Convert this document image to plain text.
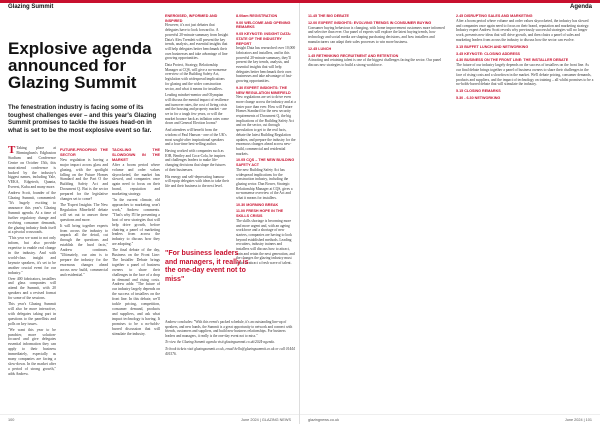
Glazing Summit
Explosive agenda announced for Glazing Summit

The fenestration industry is facing some of its toughest challenges ever – and this year's Glazing Summit promises to tackle the issues head-on in what is set to be the most explosive event so far.

T Taking place at Birmingham's Edgbaston Stadium and Conference Centre on October 15th, this must-attend conference is backed by the industry's biggest names, including Yale, VEKA, Edgetech, Quanta, Everest, Kubu and many more.

Andrew Scott, founder of the Glazing Summit, commented: "It's hugely exciting to announce this year's Glazing Summit agenda. At a time of further regulatory change and evolving consumer demands, the glazing industry finds itself at a pivotal crossroads.

"This year we want to not only inform, but also provide expertise to enable real change in the industry. And with world-class insight and keynote speakers, it's set to be another crucial event for our industry."

Over 400 fabricators, installers and glass companies will attend the Summit, with 20 speakers and a revised format for some of the sessions.

This year's Glazing Summit will also be more interactive, with delegates taking part in questions to the panellists and polls on key issues.

"We want this year to be punchier, more solution-focused and give delegates essential information they can apply to their business immediately, especially as many companies are facing a slow-down. In the market after a period of strong growth," adds Andrew.

FUTURE-PROOFING THE SECTOR

New regulation is having a major impact across glass and glazing, with the spotlight falling on the Future Homes Standard and the Part O the Building Safety Act and Document Q. But is the sector prepared for the legislative changes set to come?

The 'Expert Insights: The New Regulation Minefield' debate will set out to answer these questions and more.

It will bring together experts from across the industry to unpack all the detail, cut through the questions and establish the hard facts," Andrew continues. "Ultimately, our aim is to prepare the industry for the enormous changes ahead across new build, commercial and residential."

TACKLING THE SLOWDOWN IN THE MARKET

After a boom period where volume and order values skyrocketed, the market has slowed, and companies once again need to focus on their brand, reputation and marketing strategy.

"In the current climate, old approaches to marketing won't work," Andrew comments. "That's why I'll be presenting a host of new strategies that will help drive growth, before chairing a panel of marketing leaders from across the industry to discuss how they are adapting."

The final debate of the day, Business on the Front Line: The Installer Debate brings together a panel of business owners to share their challenges in the face of a drop in demand and rising costs. Andrew adds: "The future of our industry largely depends on the success of installers on the front line. In this debate, we'll tackle pricing, competition, consumer demand, products and suppliers, and ask what impact technology is having. It promises to be a no-holds-barred discussion that will stimulate the industry.

100	June 2024 | GLAZING NEWS
ENERGISED, INFORMED AND INSPIRED
However, it's not just debates that delegates have to look forward to. A powerful 20-minute summary from Insight Data's Alex Tremlett will present the key trends, analysis, and essential insights that will help delegates better benchmark their own businesses and take advantage of line growing opportunities.
Data Protect, Strategy, Relationship Manager at CQS, will give a no-nonsense overview of the Building Safety Act, legislation with widespread implications for glazing and the wider construction sector, and what it means for installers.
Leading mindset-mentor and Olympian will discuss the mental impact of resilience and turnover rates, the cost of living crisis and the housing and property market - are we in for a tough few years, or will the market bounce back as inflation rates come down and General Election looms?
And attendees will benefit from the wisdom of Paul Hanson - one of the UK's most sought-after inspirational speakers and a four-time best-selling author.
Having worked with companies such as IOB, Bentley and Coca-Cola, he inspires and challenges leaders to make life-changing decisions that shape the futures of their businesses.
His energy and self-deprecating humour will equip delegates with ideas to take their life and their business to the next level.
8.00am REGISTRATION
9.00 WELCOME AND OPENING REMARKS
9.05 KEYNOTE: INSIGHT DATA: STATE OF THE INDUSTRY REPORT
Insight Data has researched over 10,000 fabricators and installers, and in this powerful 20-minute summary, they'll present the key trends, analysis, and essential insights that will help delegates better benchmark their own businesses and take advantage of fast-growing opportunities.
9.30 EXPERT INSIGHTS: THE NEW REGULATION MINEFIELD
New regulations are set to drive even more change across the industry and at a faster pace than ever. How will Future Homes Standard for the new security requirements of Document Q, the big implications of the Building Safety Act and on the sector, cut through speculation to get to the real facts, debate the latest Building Regulation updates, and prepare the industry for the enormous changes ahead across new-build, commercial and residential markets.
10.05 CQS – THE NEW BUILDING SAFETY ACT
The new Building Safety Act has widespread implications for the construction industry, including the glazing sector. Dan Bower, Strategic Relationship Manager at CQS, gives a no-nonsense overview of the Act and what it means for installers.
10.30 MORNING BREAK
11.00 FRESH HOPE IN THE SKILLS CRISIS
The skills shortage is becoming more and more urgent and, with an ageing workforce and a shortage of new starters, companies are having to look beyond established methods. Leading recruiters, industry trainers and installers will discuss how to attract, train and retain the next generation, and the changes the glazing industry must make to attract a fresh wave of talent.
"For business leaders and managers, it really is the one-day event not to miss"

Andrew concludes: "With this event's packed schedule, it's an outstanding line-up of speakers, and new hands, the Summit is a great opportunity to network and connect with friends, customers and suppliers, and build new business relationships. For business leaders and managers, it really is the one-day event not to miss."

To view the Glazing Summit agenda visit glazingsummit.co.uk/2024-agenda.

To book tickets visit glazingsummit.co.uk, email hello@glazingsummit.co.uk or call 01444 401576.

Agenda
11.45 THE BIG DEBATE
12.00 EXPERT INSIGHTS: EVOLVING TRENDS IN CONSUMER BUYING
Consumer buying behaviour is changing, with home improvement customers more informed and selective than ever. Our panel of experts will explore the latest buying trends, how technology and social media are shaping purchasing decisions, and how installers and manufacturers can adapt their sales processes to win more business.
12.45 LUNCH
1.45 RETHINKING RECRUITMENT AND RETENTION
Attracting and retaining talent is one of the biggest challenges facing the sector. Our panel discuss new strategies to build a strong workforce.
2.45 DISRUPTING SALES AND MARKETING
After a boom period where volume and order values skyrocketed, the industry has slowed and companies once again need to focus on their brand, reputation and marketing strategy. Industry expert Andrew Scott reveals why previously successful strategies will no longer work, presents new ideas that will drive growth, and then chairs a panel of sales and marketing leaders from across the industry to discuss how the sector can evolve.
3.15 BUFFET LUNCH AND NETWORKING
3.45 KEYNOTE: CLOSING ADDRESS
4.30 BUSINESS ON THE FRONT LINE: THE INSTALLER DEBATE
The future of our industry largely depends on the success of installers on the front line. As our final debate brings together a panel of business owners to share their challenges in the face of rising costs and a slowdown in the market. We'll debate pricing, consumer demands, products and suppliers, and the impact of technology on training – all whilst promises to be a no-holds-barred debate that will stimulate the industry.
5.15 CLOSING REMARKS
5.30 - 6.30 NETWORKING
glazingnews.co.uk	June 2024 | 101
